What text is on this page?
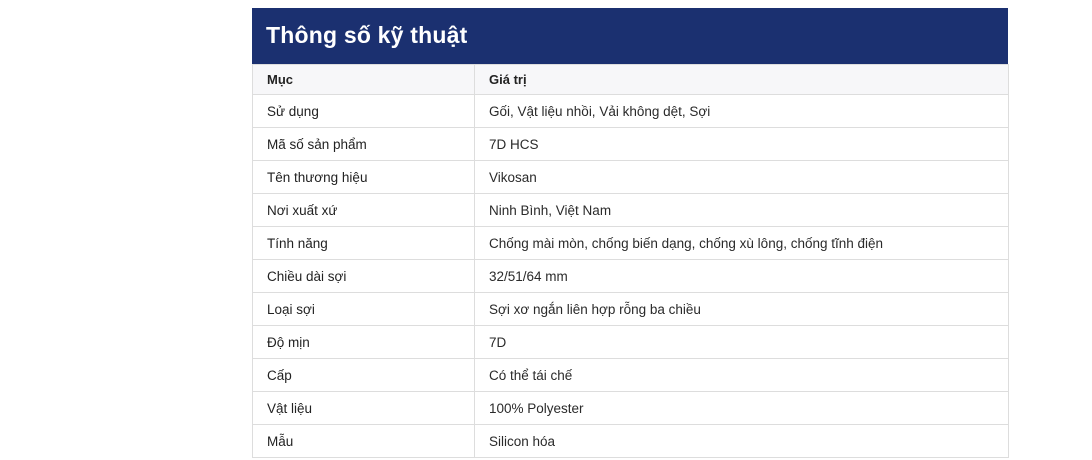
Thông số kỹ thuật
Mục	Giá trị
Sử dụng	Gối, Vật liệu nhồi, Vải không dệt, Sợi
Mã số sản phẩm	7D HCS
Tên thương hiệu	Vikosan
Nơi xuất xứ	Ninh Bình, Việt Nam
Tính năng	Chống mài mòn, chống biến dạng, chống xù lông, chống tĩnh điện
Chiều dài sợi	32/51/64 mm
Loại sợi	Sợi xơ ngắn liên hợp rỗng ba chiều
Độ mịn	7D
Cấp	Có thể tái chế
Vật liệu	100% Polyester
Mẫu	Silicon hóa
